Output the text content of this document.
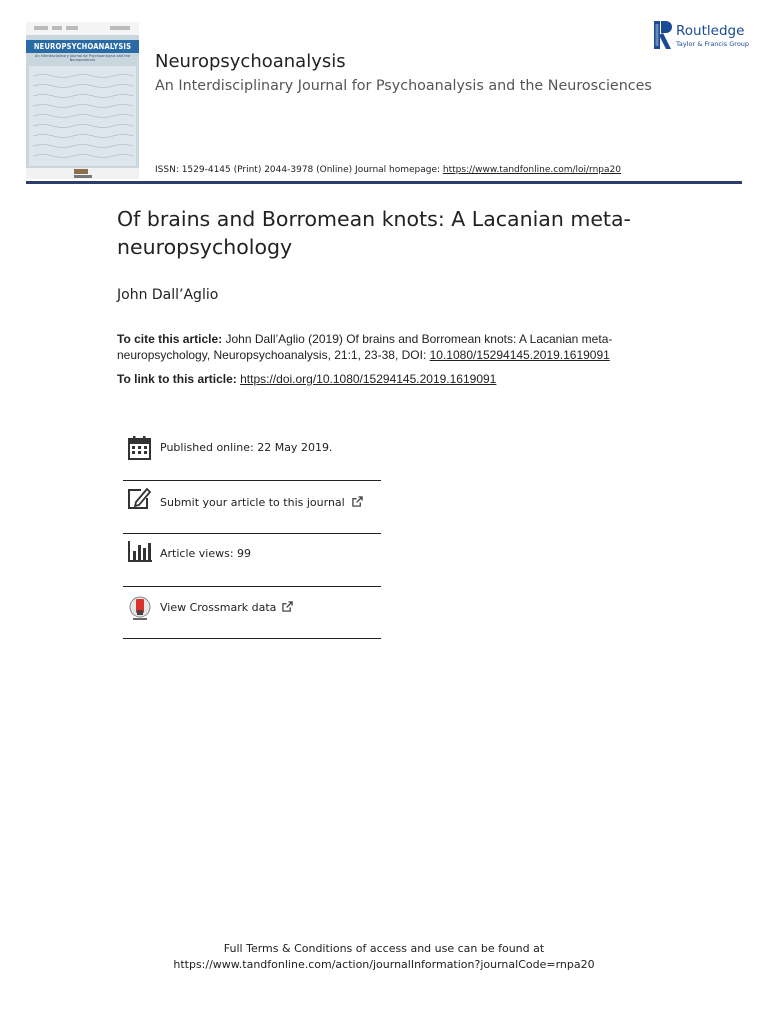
NEUROPSYCHOANALYSIS
An Interdisciplinary Journal for Psychoanalysis and the Neurosciences	Neuropsychoanalysis
An Interdisciplinary Journal for Psychoanalysis and the Neurosciences
ISSN: 1529-4145 (Print) 2044-3978 (Online) Journal homepage: https://www.tandfonline.com/loi/rnpa20
Routledge
Taylor & Francis Group
Of brains and Borromean knots: A Lacanian meta-neuropsychology
John Dall’Aglio
To cite this article: John Dall’Aglio (2019) Of brains and Borromean knots: A Lacanian meta-neuropsychology, Neuropsychoanalysis, 21:1, 23-38, DOI: 10.1080/15294145.2019.1619091
To link to this article: https://doi.org/10.1080/15294145.2019.1619091
Published online: 22 May 2019.
Submit your article to this journal
Article views: 99
View Crossmark data
Full Terms & Conditions of access and use can be found at
https://www.tandfonline.com/action/journalInformation?journalCode=rnpa20
